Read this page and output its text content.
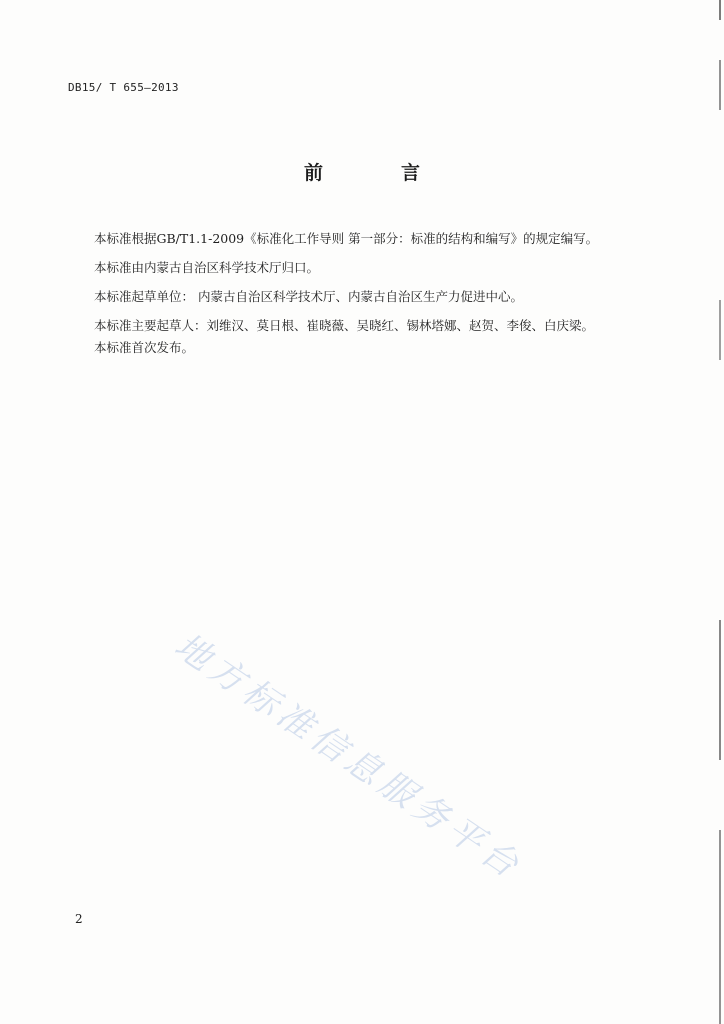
DB15/ T 655—2013
前	言
本标准根据GB/T1.1-2009《标准化工作导则 第一部分：标准的结构和编写》的规定编写。
本标准由内蒙古自治区科学技术厅归口。
本标准起草单位： 内蒙古自治区科学技术厅、内蒙古自治区生产力促进中心。
本标准主要起草人：刘维汉、莫日根、崔晓薇、吴晓红、锡林塔娜、赵贺、李俊、白庆梁。
本标准首次发布。
地方标准信息服务平台
2
